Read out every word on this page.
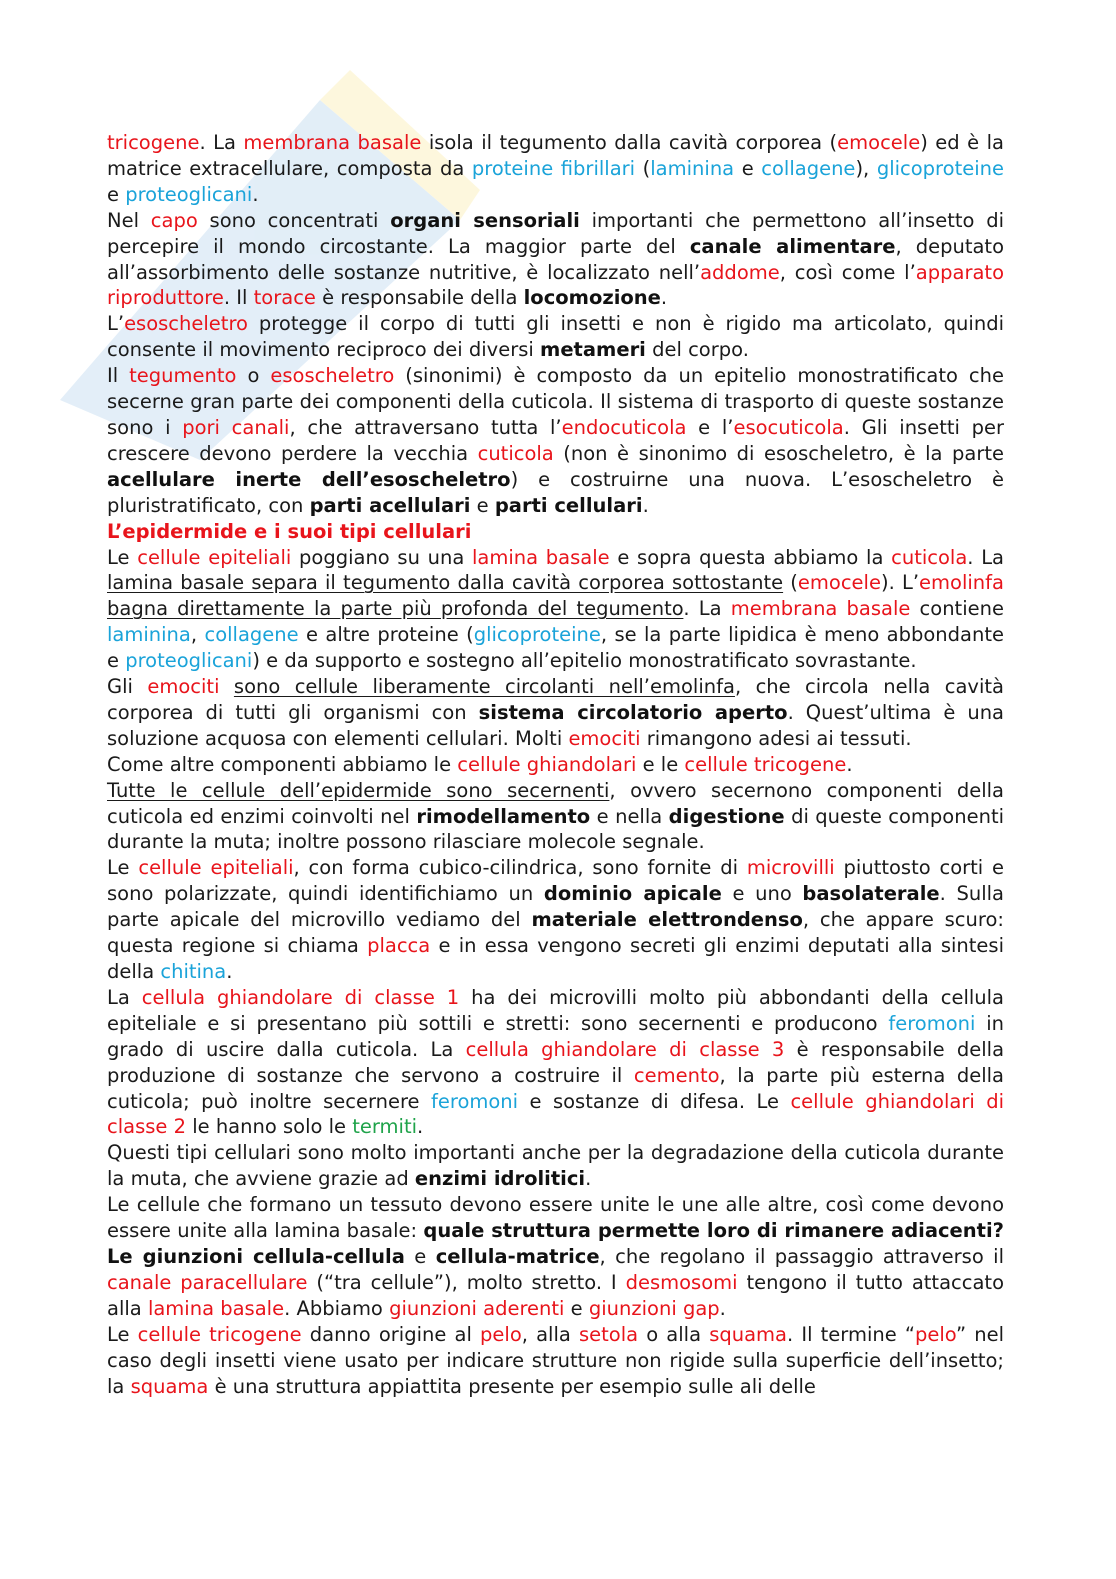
tricogene. La membrana basale isola il tegumento dalla cavità corporea (emocele) ed è la matrice extracellulare, composta da proteine fibrillari (laminina e collagene), glicoproteine e proteoglicani.

Nel capo sono concentrati organi sensoriali importanti che permettono all’insetto di percepire il mondo circostante. La maggior parte del canale alimentare, deputato all’assorbimento delle sostanze nutritive, è localizzato nell’addome, così come l’apparato riproduttore. Il torace è responsabile della locomozione.

L’esoscheletro protegge il corpo di tutti gli insetti e non è rigido ma articolato, quindi consente il movimento reciproco dei diversi metameri del corpo.

Il tegumento o esoscheletro (sinonimi) è composto da un epitelio monostratificato che secerne gran parte dei componenti della cuticola. Il sistema di trasporto di queste sostanze sono i pori canali, che attraversano tutta l’endocuticola e l’esocuticola. Gli insetti per crescere devono perdere la vecchia cuticola (non è sinonimo di esoscheletro, è la parte acellulare inerte dell’esoscheletro) e costruirne una nuova. L’esoscheletro è pluristratificato, con parti acellulari e parti cellulari.

L’epidermide e i suoi tipi cellulari

Le cellule epiteliali poggiano su una lamina basale e sopra questa abbiamo la cuticola. La lamina basale separa il tegumento dalla cavità corporea sottostante (emocele). L’emolinfa bagna direttamente la parte più profonda del tegumento. La membrana basale contiene laminina, collagene e altre proteine (glicoproteine, se la parte lipidica è meno abbondante e proteoglicani) e da supporto e sostegno all’epitelio monostratificato sovrastante.

Gli emociti sono cellule liberamente circolanti nell’emolinfa, che circola nella cavità corporea di tutti gli organismi con sistema circolatorio aperto. Quest’ultima è una soluzione acquosa con elementi cellulari. Molti emociti rimangono adesi ai tessuti.

Come altre componenti abbiamo le cellule ghiandolari e le cellule tricogene.

Tutte le cellule dell’epidermide sono secernenti, ovvero secernono componenti della cuticola ed enzimi coinvolti nel rimodellamento e nella digestione di queste componenti durante la muta; inoltre possono rilasciare molecole segnale.

Le cellule epiteliali, con forma cubico-cilindrica, sono fornite di microvilli piuttosto corti e sono polarizzate, quindi identifichiamo un dominio apicale e uno basolaterale. Sulla parte apicale del microvillo vediamo del materiale elettrondenso, che appare scuro: questa regione si chiama placca e in essa vengono secreti gli enzimi deputati alla sintesi della chitina.

La cellula ghiandolare di classe 1 ha dei microvilli molto più abbondanti della cellula epiteliale e si presentano più sottili e stretti: sono secernenti e producono feromoni in grado di uscire dalla cuticola. La cellula ghiandolare di classe 3 è responsabile della produzione di sostanze che servono a costruire il cemento, la parte più esterna della cuticola; può inoltre secernere feromoni e sostanze di difesa. Le cellule ghiandolari di classe 2 le hanno solo le termiti.

Questi tipi cellulari sono molto importanti anche per la degradazione della cuticola durante la muta, che avviene grazie ad enzimi idrolitici.

Le cellule che formano un tessuto devono essere unite le une alle altre, così come devono essere unite alla lamina basale: quale struttura permette loro di rimanere adiacenti? Le giunzioni cellula-cellula e cellula-matrice, che regolano il passaggio attraverso il canale paracellulare (“tra cellule”), molto stretto. I desmosomi tengono il tutto attaccato alla lamina basale. Abbiamo giunzioni aderenti e giunzioni gap.

Le cellule tricogene danno origine al pelo, alla setola o alla squama. Il termine “pelo” nel caso degli insetti viene usato per indicare strutture non rigide sulla superficie dell’insetto; la squama è una struttura appiattita presente per esempio sulle ali delle
